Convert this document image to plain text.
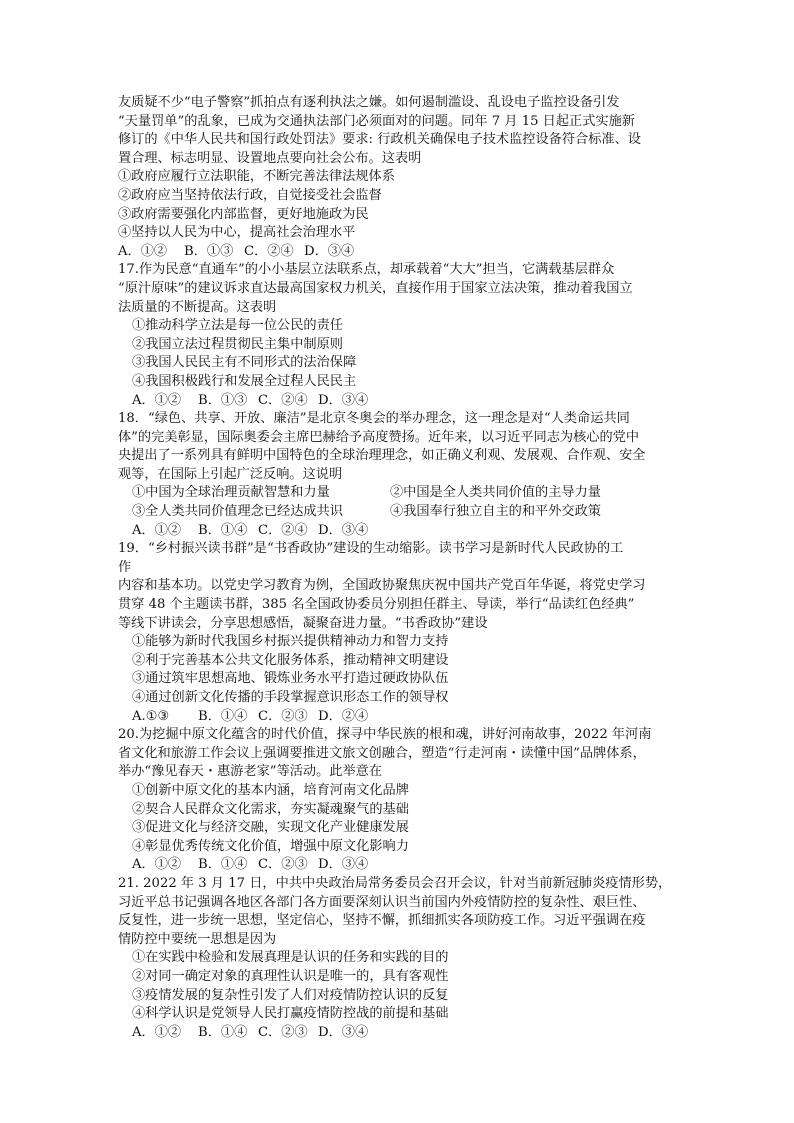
友质疑不少“电子警察”抓拍点有逐利执法之嫌。如何遏制滥设、乱设电子监控设备引发
“天量罚单”的乱象，已成为交通执法部门必须面对的问题。同年 7 月 15 日起正式实施新
修订的《中华人民共和国行政处罚法》要求: 行政机关确保电子技术监控设备符合标准、设
置合理、标志明显、设置地点要向社会公布。这表明
①政府应履行立法职能，不断完善法律法规体系
②政府应当坚持依法行政，自觉接受社会监督
③政府需要强化内部监督，更好地施政为民
④坚持以人民为中心，提高社会治理水平
A．①②	B．①③ C．②④ D．③④
17.作为民意“直通车”的小小基层立法联系点，却承载着“大大”担当，它满载基层群众
“原汁原味”的建议诉求直达最高国家权力机关，直接作用于国家立法决策，推动着我国立
法质量的不断提高。这表明
①推动科学立法是每一位公民的责任
②我国立法过程贯彻民主集中制原则
③我国人民民主有不同形式的法治保障
④我国积极践行和发展全过程人民民主
A．①②	B．①③ C．②④ D．③④
18．“绿色、共享、开放、廉洁”是北京冬奥会的举办理念，这一理念是对“人类命运共同
体”的完美彰显，国际奥委会主席巴赫给予高度赞扬。近年来，以习近平同志为核心的党中
央提出了一系列具有鲜明中国特色的全球治理理念，如正确义利观、发展观、合作观、安全
观等，在国际上引起广泛反响。这说明
①中国为全球治理贡献智慧和力量	②中国是全人类共同价值的主导力量
③全人类共同价值理念已经达成共识	④我国奉行独立自主的和平外交政策
A．①②	B．①④ C．②④ D．③④
19．“乡村振兴读书群”是“书香政协”建设的生动缩影。读书学习是新时代人民政协的工
作
内容和基本功。以党史学习教育为例，全国政协聚焦庆祝中国共产党百年华诞，将党史学习
贯穿 48 个主题读书群，385 名全国政协委员分别担任群主、导读，举行“品读红色经典”
等线下讲读会，分享思想感悟，凝聚奋进力量。“书香政协”建设
①能够为新时代我国乡村振兴提供精神动力和智力支持
②利于完善基本公共文化服务体系，推动精神文明建设
③通过筑牢思想高地、锻炼业务水平打造过硬政协队伍
④通过创新文化传播的手段掌握意识形态工作的领导权
A.①③	B．①④ C．②③ D．②④
20.为挖掘中原文化蕴含的时代价值，探寻中华民族的根和魂，讲好河南故事，2022 年河南
省文化和旅游工作会议上强调要推进文旅文创融合，塑造“行走河南・读懂中国”品牌体系，
举办“豫见春天・惠游老家”等活动。此举意在
①创新中原文化的基本内涵，培育河南文化品牌
②契合人民群众文化需求，夯实凝魂聚气的基础
③促进文化与经济交融，实现文化产业健康发展
④彰显优秀传统文化价值，增强中原文化影响力
A．①②	B．①④ C．②③ D．③④
21. 2022 年 3 月 17 日，中共中央政治局常务委员会召开会议，针对当前新冠肺炎疫情形势，
习近平总书记强调各地区各部门各方面要深刻认识当前国内外疫情防控的复杂性、艰巨性、
反复性，进一步统一思想，坚定信心，坚持不懈，抓细抓实各项防疫工作。习近平强调在疫
情防控中要统一思想是因为
①在实践中检验和发展真理是认识的任务和实践的目的
②对同一确定对象的真理性认识是唯一的，具有客观性
③疫情发展的复杂性引发了人们对疫情防控认识的反复
④科学认识是党领导人民打赢疫情防控战的前提和基础
A．①②	B．①④ C．②③ D．③④
